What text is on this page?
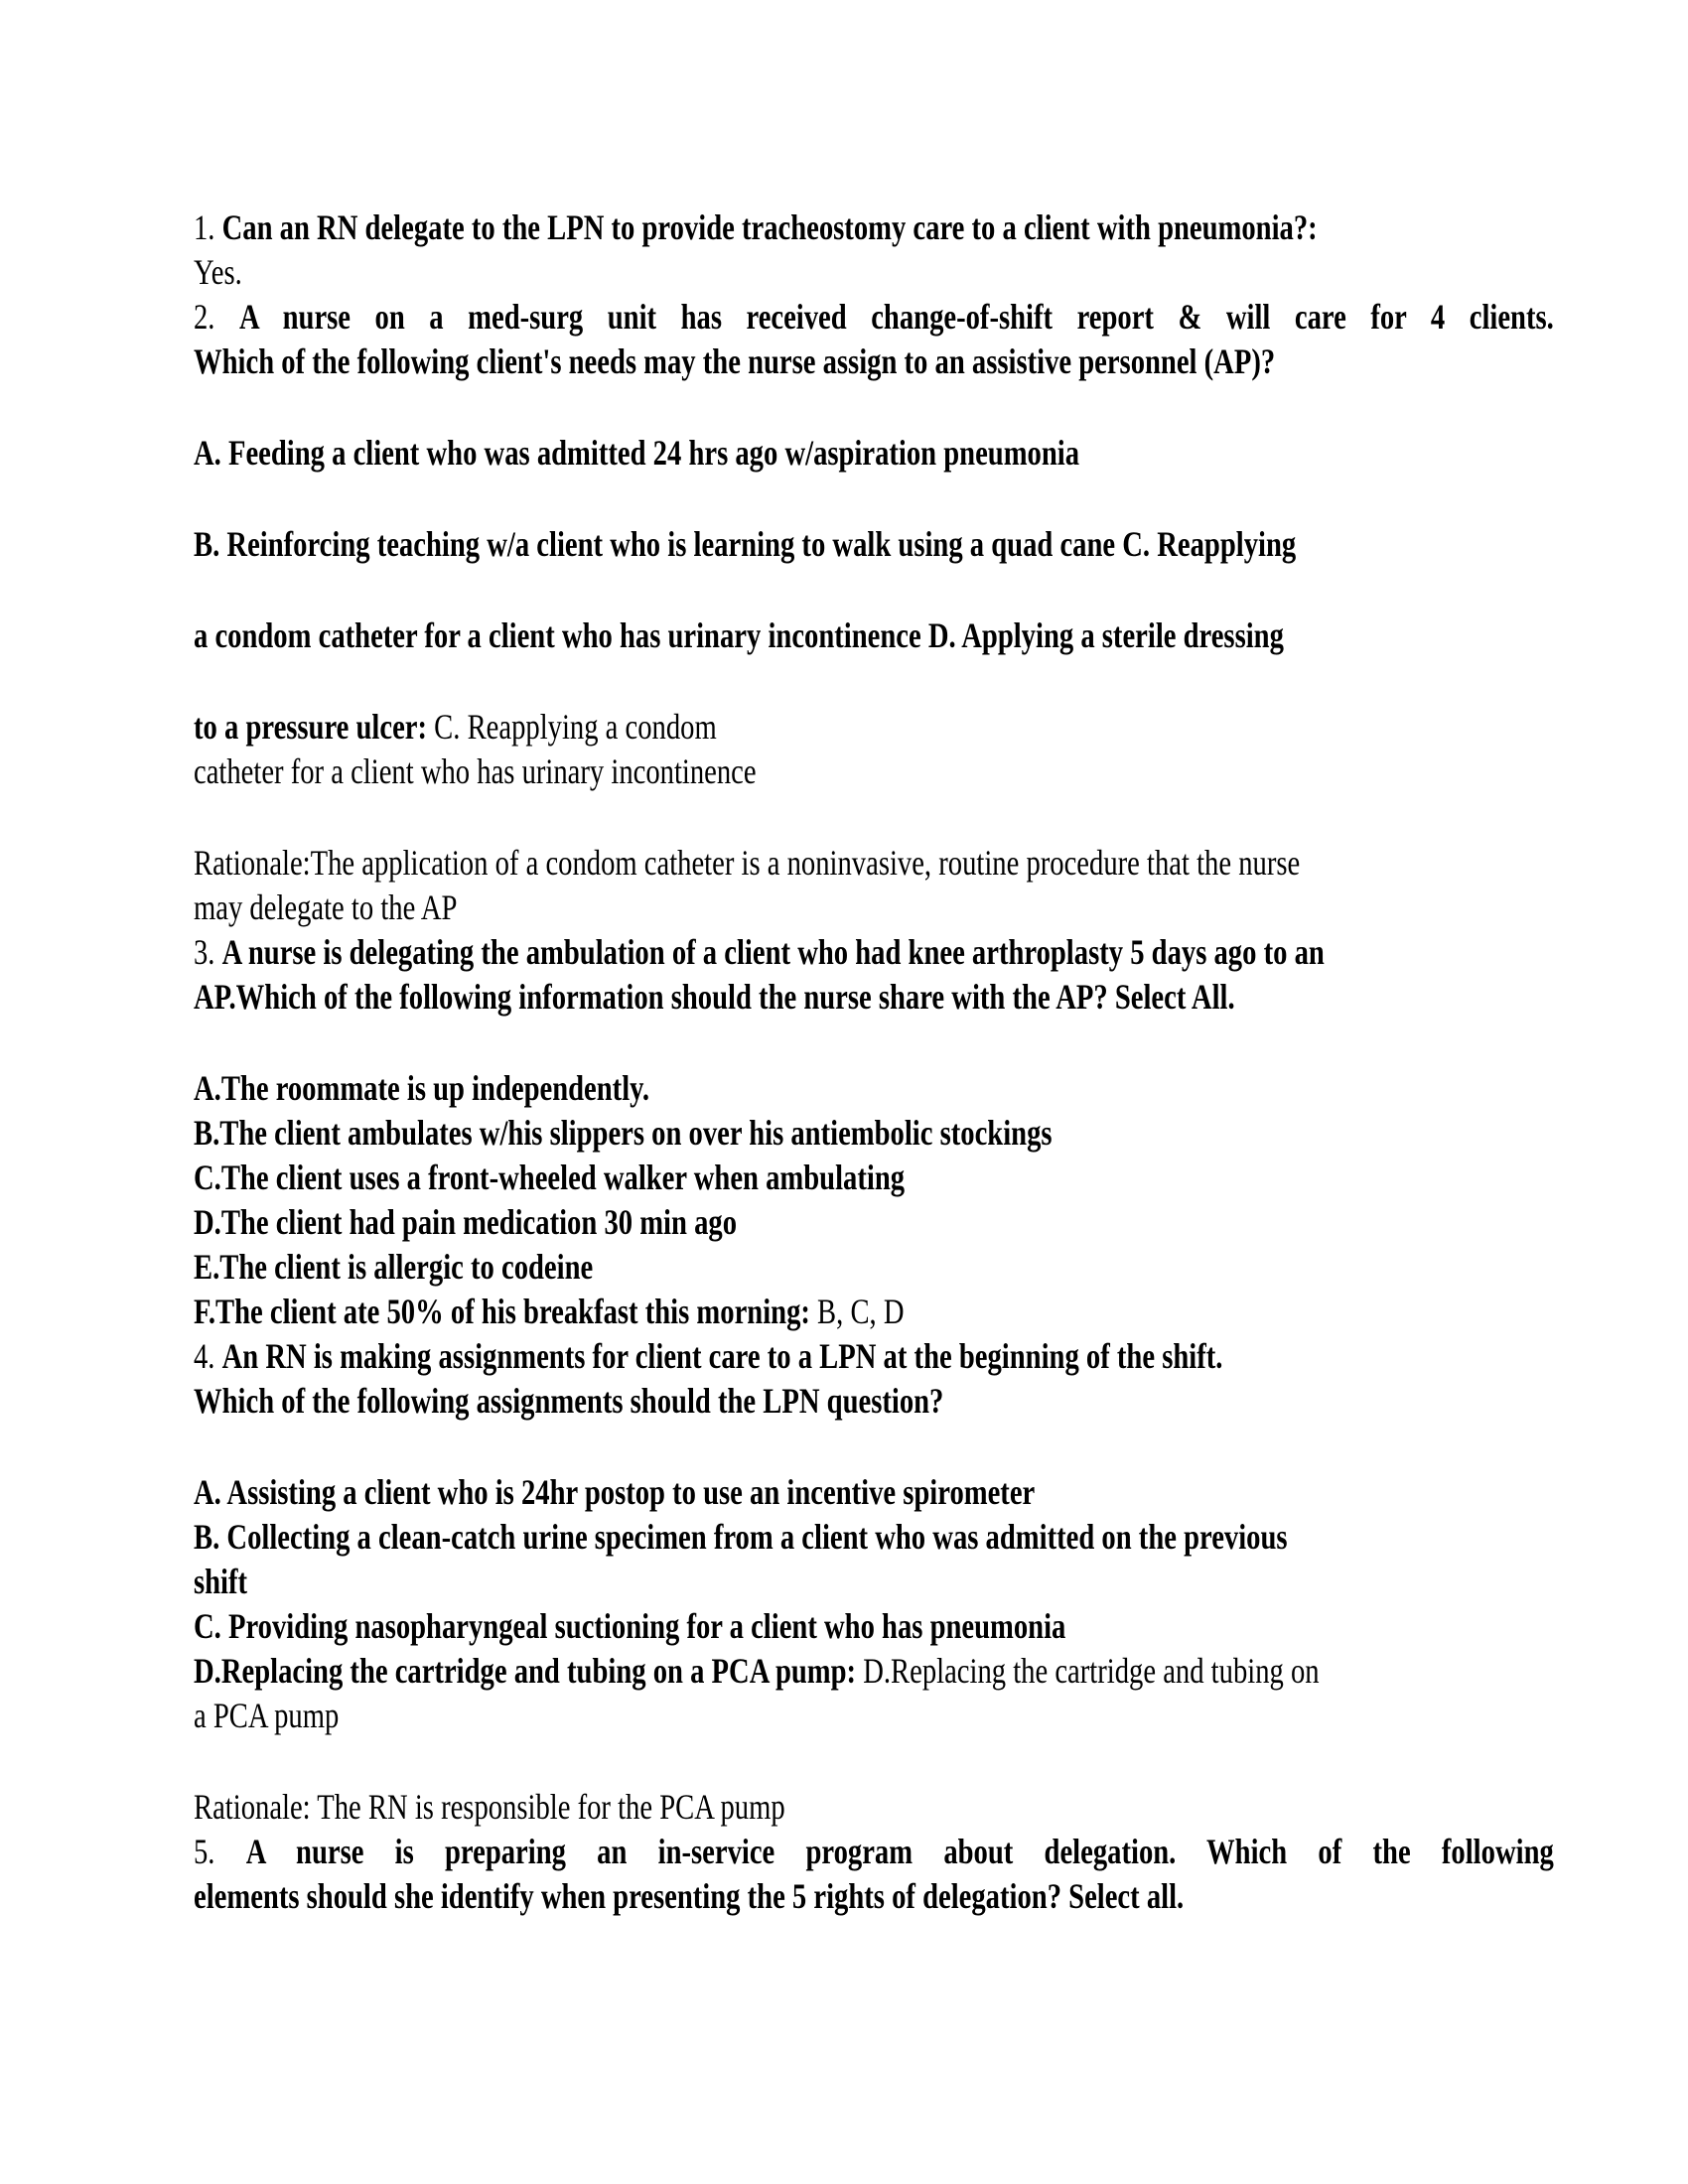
1. Can an RN delegate to the LPN to provide tracheostomy care to a client with pneumonia?:
Yes.
2. A nurse on a med-surg unit has received change-of-shift report & will care for 4 clients.
Which of the following client's needs may the nurse assign to an assistive personnel (AP)?
A. Feeding a client who was admitted 24 hrs ago w/aspiration pneumonia
B. Reinforcing teaching w/a client who is learning to walk using a quad cane C. Reapplying
a condom catheter for a client who has urinary incontinence D. Applying a sterile dressing
to a pressure ulcer: C. Reapplying a condom
catheter for a client who has urinary incontinence
Rationale:The application of a condom catheter is a noninvasive, routine procedure that the nurse
may delegate to the AP
3. A nurse is delegating the ambulation of a client who had knee arthroplasty 5 days ago to an
AP.Which of the following information should the nurse share with the AP? Select All.
A.The roommate is up independently.
B.The client ambulates w/his slippers on over his antiembolic stockings
C.The client uses a front-wheeled walker when ambulating
D.The client had pain medication 30 min ago
E.The client is allergic to codeine
F.The client ate 50% of his breakfast this morning: B, C, D
4. An RN is making assignments for client care to a LPN at the beginning of the shift.
Which of the following assignments should the LPN question?
A. Assisting a client who is 24hr postop to use an incentive spirometer
B. Collecting a clean-catch urine specimen from a client who was admitted on the previous
shift
C. Providing nasopharyngeal suctioning for a client who has pneumonia
D.Replacing the cartridge and tubing on a PCA pump: D.Replacing the cartridge and tubing on
a PCA pump
Rationale: The RN is responsible for the PCA pump
5. A nurse is preparing an in-service program about delegation. Which of the following
elements should she identify when presenting the 5 rights of delegation? Select all.
